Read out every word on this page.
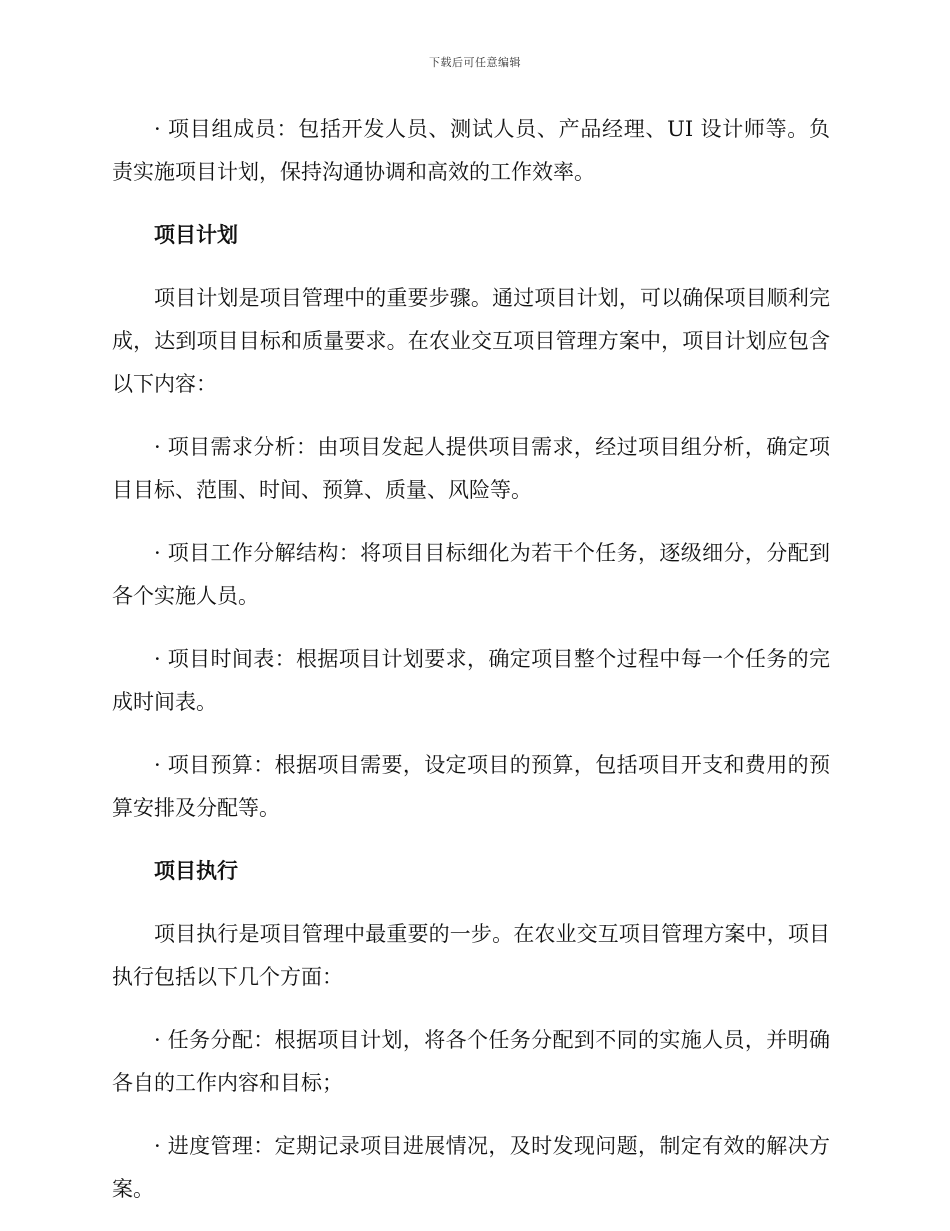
下载后可任意编辑

· 项目组成员：包括开发人员、测试人员、产品经理、UI 设计师等。负责实施项目计划，保持沟通协调和高效的工作效率。

项目计划

项目计划是项目管理中的重要步骤。通过项目计划，可以确保项目顺利完成，达到项目目标和质量要求。在农业交互项目管理方案中，项目计划应包含以下内容：

· 项目需求分析：由项目发起人提供项目需求，经过项目组分析，确定项目目标、范围、时间、预算、质量、风险等。

· 项目工作分解结构：将项目目标细化为若干个任务，逐级细分，分配到各个实施人员。

· 项目时间表：根据项目计划要求，确定项目整个过程中每一个任务的完成时间表。

· 项目预算：根据项目需要，设定项目的预算，包括项目开支和费用的预算安排及分配等。

项目执行

项目执行是项目管理中最重要的一步。在农业交互项目管理方案中，项目执行包括以下几个方面：

· 任务分配：根据项目计划，将各个任务分配到不同的实施人员，并明确各自的工作内容和目标；

· 进度管理：定期记录项目进展情况，及时发现问题，制定有效的解决方案。
